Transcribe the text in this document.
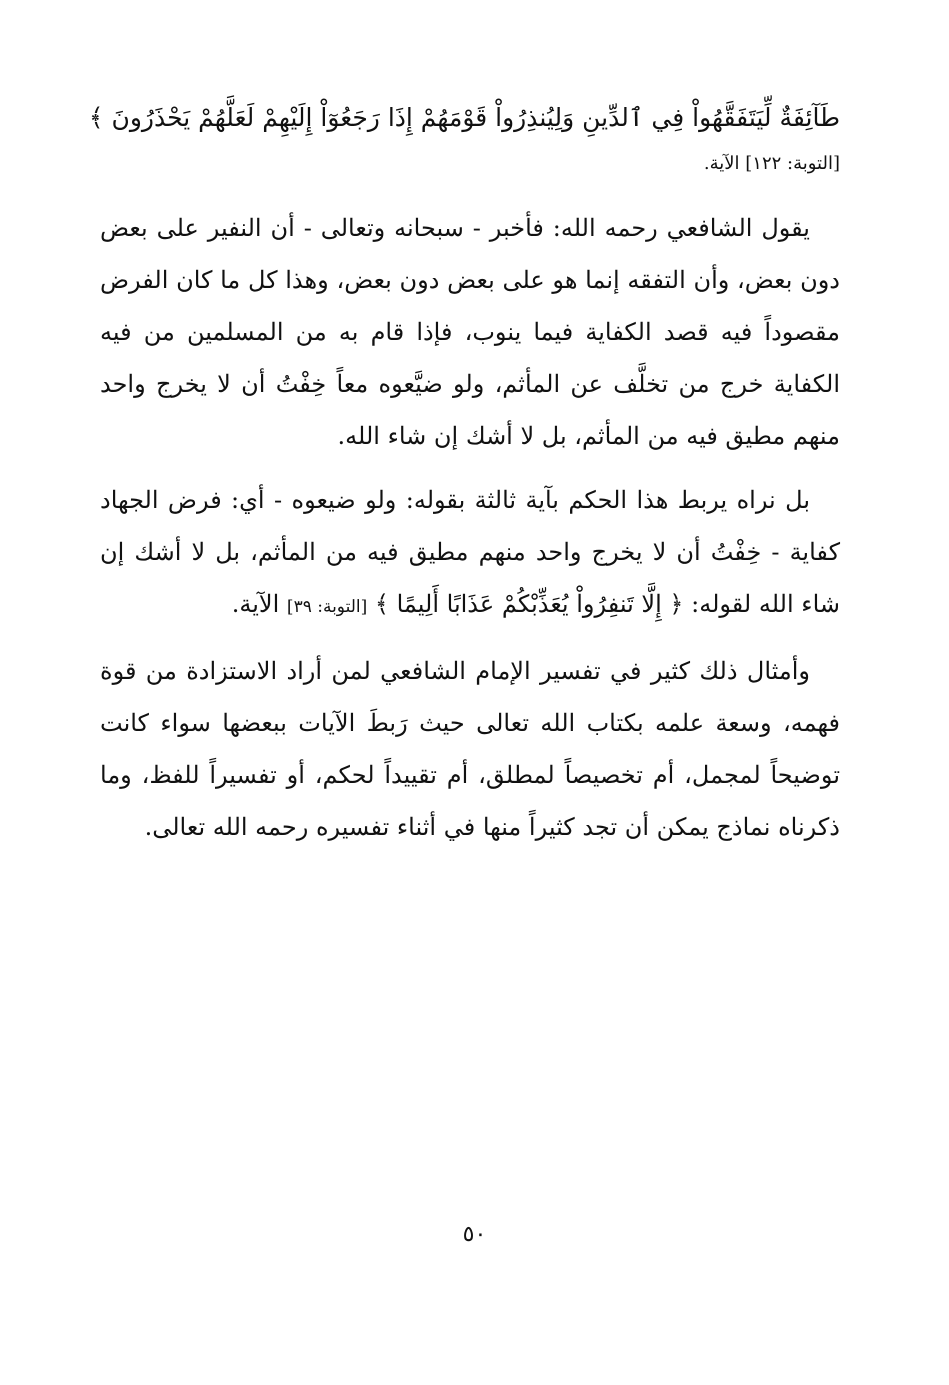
طَآئِفَةٌ لِّيَتَفَقَّهُواْ فِي ٱلدِّينِ وَلِيُنذِرُواْ قَوْمَهُمْ إِذَا رَجَعُوٓاْ إِلَيْهِمْ لَعَلَّهُمْ يَحْذَرُونَ ﴾
[التوبة: ١٢٢] الآية.

يقول الشافعي رحمه الله: فأخبر - سبحانه وتعالى - أن النفير على بعض دون بعض، وأن التفقه إنما هو على بعض دون بعض، وهذا كل ما كان الفرض مقصوداً فيه قصد الكفاية فيما ينوب، فإذا قام به من المسلمين من فيه الكفاية خرج من تخلَّف عن المأثم، ولو ضيَّعوه معاً خِفْتُ أن لا يخرج واحد منهم مطيق فيه من المأثم، بل لا أشك إن شاء الله.

بل نراه يربط هذا الحكم بآية ثالثة بقوله: ولو ضيعوه - أي: فرض الجهاد كفاية - خِفْتُ أن لا يخرج واحد منهم مطيق فيه من المأثم، بل لا أشك إن شاء الله لقوله: ﴿ إِلَّا تَنفِرُواْ يُعَذِّبْكُمْ عَذَابًا أَلِيمًا ﴾ [التوبة: ٣٩] الآية.

وأمثال ذلك كثير في تفسير الإمام الشافعي لمن أراد الاستزادة من قوة فهمه، وسعة علمه بكتاب الله تعالى حيث رَبطَ الآيات ببعضها سواء كانت توضيحاً لمجمل، أم تخصيصاً لمطلق، أم تقييداً لحكم، أو تفسيراً للفظ، وما ذكرناه نماذج يمكن أن تجد كثيراً منها في أثناء تفسيره رحمه الله تعالى.

٥٠
